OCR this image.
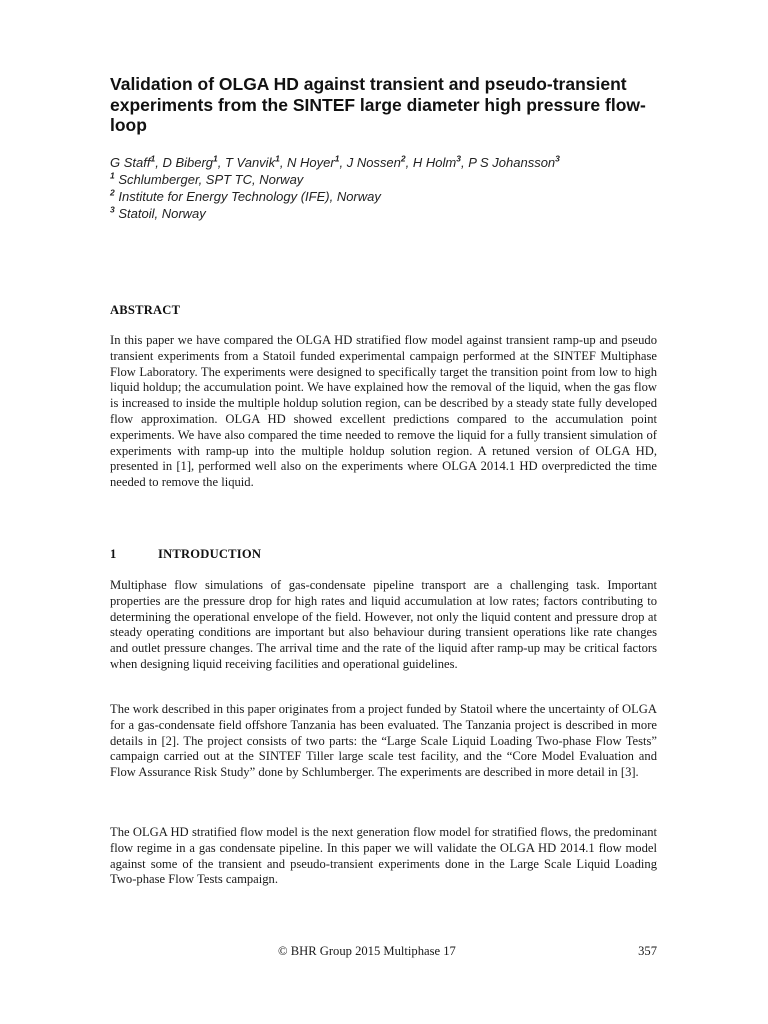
Validation of OLGA HD against transient and pseudo-transient experiments from the SINTEF large diameter high pressure flow-loop
G Staff$^1$, D Biberg$^1$, T Vanvik$^1$, N Hoyer$^1$, J Nossen$^2$, H Holm$^3$, P S Johansson$^3$
$^1$ Schlumberger, SPT TC, Norway
$^2$ Institute for Energy Technology (IFE), Norway
$^3$ Statoil, Norway
ABSTRACT

In this paper we have compared the OLGA HD stratified flow model against transient ramp-up and pseudo transient experiments from a Statoil funded experimental campaign performed at the SINTEF Multiphase Flow Laboratory. The experiments were designed to specifically target the transition point from low to high liquid holdup; the accumulation point. We have explained how the removal of the liquid, when the gas flow is increased to inside the multiple holdup solution region, can be described by a steady state fully developed flow approximation. OLGA HD showed excellent predictions compared to the accumulation point experiments. We have also compared the time needed to remove the liquid for a fully transient simulation of experiments with ramp-up into the multiple holdup solution region. A retuned version of OLGA HD, presented in [1], performed well also on the experiments where OLGA 2014.1 HD overpredicted the time needed to remove the liquid.

1	INTRODUCTION

Multiphase flow simulations of gas-condensate pipeline transport are a challenging task. Important properties are the pressure drop for high rates and liquid accumulation at low rates; factors contributing to determining the operational envelope of the field. However, not only the liquid content and pressure drop at steady operating conditions are important but also behaviour during transient operations like rate changes and outlet pressure changes. The arrival time and the rate of the liquid after ramp-up may be critical factors when designing liquid receiving facilities and operational guidelines.

The work described in this paper originates from a project funded by Statoil where the uncertainty of OLGA for a gas-condensate field offshore Tanzania has been evaluated. The Tanzania project is described in more details in [2]. The project consists of two parts: the “Large Scale Liquid Loading Two-phase Flow Tests” campaign carried out at the SINTEF Tiller large scale test facility, and the “Core Model Evaluation and Flow Assurance Risk Study” done by Schlumberger. The experiments are described in more detail in [3].

The OLGA HD stratified flow model is the next generation flow model for stratified flows, the predominant flow regime in a gas condensate pipeline. In this paper we will validate the OLGA HD 2014.1 flow model against some of the transient and pseudo-transient experiments done in the Large Scale Liquid Loading Two-phase Flow Tests campaign.

© BHR Group 2015 Multiphase 17	357
